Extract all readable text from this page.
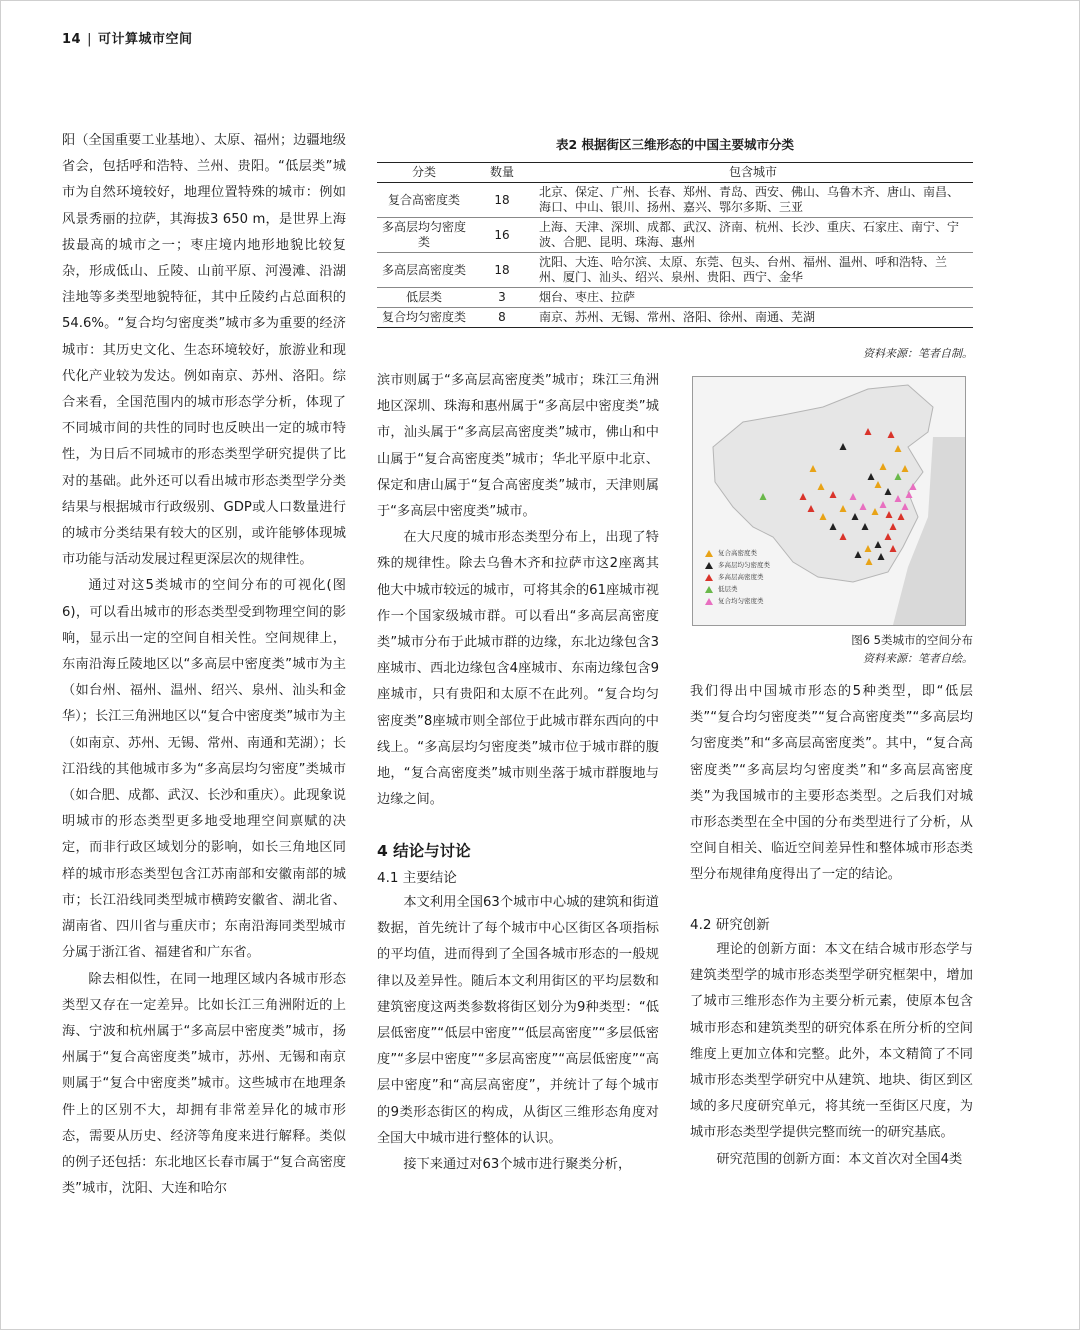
14 | 可计算城市空间

阳（全国重要工业基地）、太原、福州；边疆地级省会，包括呼和浩特、兰州、贵阳。“低层类”城市为自然环境较好，地理位置特殊的城市：例如风景秀丽的拉萨，其海拔3 650 m，是世界上海拔最高的城市之一；枣庄境内地形地貌比较复杂，形成低山、丘陵、山前平原、河漫滩、沿湖洼地等多类型地貌特征，其中丘陵约占总面积的54.6%。“复合均匀密度类”城市多为重要的经济城市：其历史文化、生态环境较好，旅游业和现代化产业较为发达。例如南京、苏州、洛阳。综合来看，全国范围内的城市形态学分析，体现了不同城市间的共性的同时也反映出一定的城市特性，为日后不同城市的形态类型学研究提供了比对的基础。此外还可以看出城市形态类型学分类结果与根据城市行政级别、GDP或人口数量进行的城市分类结果有较大的区别，或许能够体现城市功能与活动发展过程更深层次的规律性。

通过对这5类城市的空间分布的可视化(图6)，可以看出城市的形态类型受到物理空间的影响，显示出一定的空间自相关性。空间规律上，东南沿海丘陵地区以“多高层中密度类”城市为主（如台州、福州、温州、绍兴、泉州、汕头和金华）；长江三角洲地区以“复合中密度类”城市为主（如南京、苏州、无锡、常州、南通和芜湖）；长江沿线的其他城市多为“多高层均匀密度”类城市（如合肥、成都、武汉、长沙和重庆）。此现象说明城市的形态类型更多地受地理空间禀赋的决定，而非行政区域划分的影响，如长三角地区同样的城市形态类型包含江苏南部和安徽南部的城市；长江沿线同类型城市横跨安徽省、湖北省、湖南省、四川省与重庆市；东南沿海同类型城市分属于浙江省、福建省和广东省。

除去相似性，在同一地理区域内各城市形态类型又存在一定差异。比如长江三角洲附近的上海、宁波和杭州属于“多高层中密度类”城市，扬州属于“复合高密度类”城市，苏州、无锡和南京则属于“复合中密度类”城市。这些城市在地理条件上的区别不大，却拥有非常差异化的城市形态，需要从历史、经济等角度来进行解释。类似的例子还包括：东北地区长春市属于“复合高密度类”城市，沈阳、大连和哈尔

表2 根据街区三维形态的中国主要城市分类
分类	数量	包含城市
复合高密度类	18	北京、保定、广州、长春、郑州、青岛、西安、佛山、乌鲁木齐、唐山、南昌、海口、中山、银川、扬州、嘉兴、鄂尔多斯、三亚
多高层均匀密度类	16	上海、天津、深圳、成都、武汉、济南、杭州、长沙、重庆、石家庄、南宁、宁波、合肥、昆明、珠海、惠州
多高层高密度类	18	沈阳、大连、哈尔滨、太原、东莞、包头、台州、福州、温州、呼和浩特、兰州、厦门、汕头、绍兴、泉州、贵阳、西宁、金华
低层类	3	烟台、枣庄、拉萨
复合均匀密度类	8	南京、苏州、无锡、常州、洛阳、徐州、南通、芜湖
资料来源：笔者自制。

滨市则属于“多高层高密度类”城市；珠江三角洲地区深圳、珠海和惠州属于“多高层中密度类”城市，汕头属于“多高层高密度类”城市，佛山和中山属于“复合高密度类”城市；华北平原中北京、保定和唐山属于“复合高密度类”城市，天津则属于“多高层中密度类”城市。

在大尺度的城市形态类型分布上，出现了特殊的规律性。除去乌鲁木齐和拉萨市这2座离其他大中城市较远的城市，可将其余的61座城市视作一个国家级城市群。可以看出“多高层高密度类”城市分布于此城市群的边缘，东北边缘包含3座城市、西北边缘包含4座城市、东南边缘包含9座城市，只有贵阳和太原不在此列。“复合均匀密度类”8座城市则全部位于此城市群东西向的中线上。“多高层均匀密度类”城市位于城市群的腹地，“复合高密度类”城市则坐落于城市群腹地与边缘之间。

4 结论与讨论
4.1 主要结论

本文利用全国63个城市中心城的建筑和街道数据，首先统计了每个城市中心区街区各项指标的平均值，进而得到了全国各城市形态的一般规律以及差异性。随后本文利用街区的平均层数和建筑密度这两类参数将街区划分为9种类型：“低层低密度”“低层中密度”“低层高密度”“多层低密度”“多层中密度”“多层高密度”“高层低密度”“高层中密度”和“高层高密度”，并统计了每个城市的9类形态街区的构成，从街区三维形态角度对全国大中城市进行整体的认识。

接下来通过对63个城市进行聚类分析，

复合高密度类
多高层均匀密度类
多高层高密度类
低层类
复合均匀密度类
图6 5类城市的空间分布
资料来源：笔者自绘。

我们得出中国城市形态的5种类型，即“低层类”“复合均匀密度类”“复合高密度类”“多高层均匀密度类”和“多高层高密度类”。其中，“复合高密度类”“多高层均匀密度类”和“多高层高密度类”为我国城市的主要形态类型。之后我们对城市形态类型在全中国的分布类型进行了分析，从空间自相关、临近空间差异性和整体城市形态类型分布规律角度得出了一定的结论。

4.2 研究创新

理论的创新方面：本文在结合城市形态学与建筑类型学的城市形态类型学研究框架中，增加了城市三维形态作为主要分析元素，使原本包含城市形态和建筑类型的研究体系在所分析的空间维度上更加立体和完整。此外，本文精简了不同城市形态类型学研究中从建筑、地块、街区到区域的多尺度研究单元，将其统一至街区尺度，为城市形态类型学提供完整而统一的研究基底。

研究范围的创新方面：本文首次对全国4类
